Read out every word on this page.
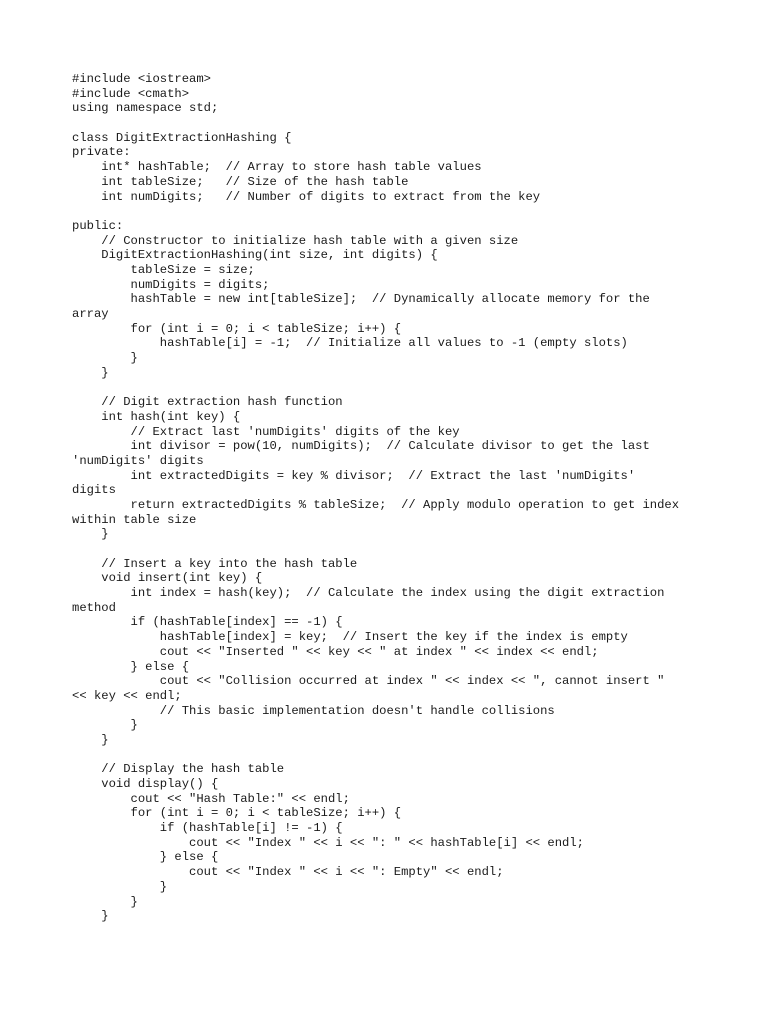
#include <iostream>
#include <cmath>
using namespace std;
class DigitExtractionHashing {
private:
int* hashTable;  // Array to store hash table values
int tableSize;   // Size of the hash table
int numDigits;   // Number of digits to extract from the key
public:
// Constructor to initialize hash table with a given size
DigitExtractionHashing(int size, int digits) {
tableSize = size;
numDigits = digits;
hashTable = new int[tableSize];  // Dynamically allocate memory for the
array
for (int i = 0; i < tableSize; i++) {
hashTable[i] = -1;  // Initialize all values to -1 (empty slots)
}
}
// Digit extraction hash function
int hash(int key) {
// Extract last 'numDigits' digits of the key
int divisor = pow(10, numDigits);  // Calculate divisor to get the last
'numDigits' digits
int extractedDigits = key % divisor;  // Extract the last 'numDigits'
digits
return extractedDigits % tableSize;  // Apply modulo operation to get index
within table size
}
// Insert a key into the hash table
void insert(int key) {
int index = hash(key);  // Calculate the index using the digit extraction
method
if (hashTable[index] == -1) {
hashTable[index] = key;  // Insert the key if the index is empty
cout << "Inserted " << key << " at index " << index << endl;
} else {
cout << "Collision occurred at index " << index << ", cannot insert "
<< key << endl;
// This basic implementation doesn't handle collisions
}
}
// Display the hash table
void display() {
cout << "Hash Table:" << endl;
for (int i = 0; i < tableSize; i++) {
if (hashTable[i] != -1) {
cout << "Index " << i << ": " << hashTable[i] << endl;
} else {
cout << "Index " << i << ": Empty" << endl;
}
}
}
